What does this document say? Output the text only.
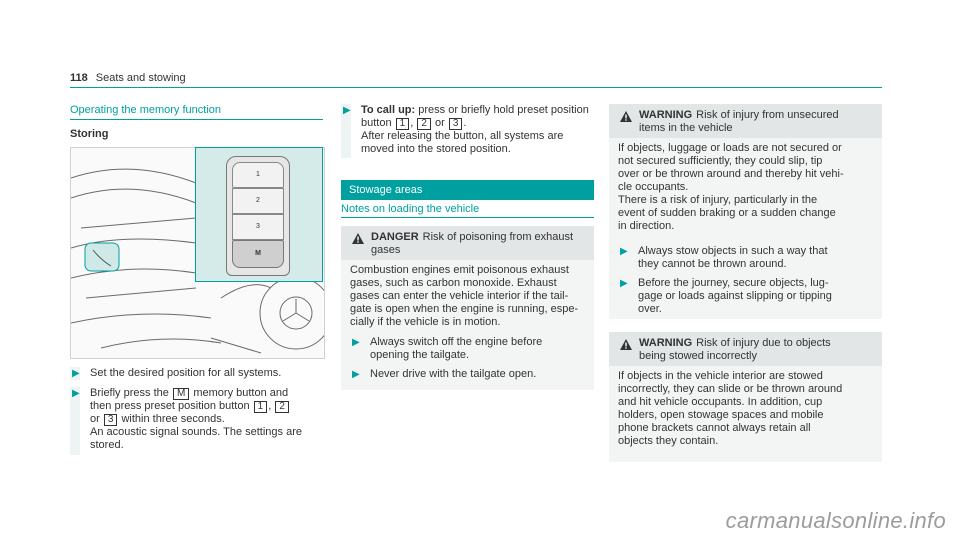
118 Seats and stowing
Operating the memory function
Storing
1
2
3
M
▶ Set the desired position for all systems.

▶ Briefly press the M memory button and

then press preset position button 1 , 2

or 3 within three seconds.

An acoustic signal sounds. The settings are

stored.

▶ To call up: press or briefly hold preset position

button 1 , 2 or 3 .

After releasing the button, all systems are

moved into the stored position.

Stowage areas
Notes on loading the vehicle
DANGER Risk of poisoning from exhaust
gases

Combustion engines emit poisonous exhaust

gases, such as carbon monoxide. Exhaust

gases can enter the vehicle interior if the tail-

gate is open when the engine is running, espe-

cially if the vehicle is in motion.

▶ Always switch off the engine before

opening the tailgate.

▶ Never drive with the tailgate open.

WARNING Risk of injury from unsecured
items in the vehicle

If objects, luggage or loads are not secured or

not secured sufficiently, they could slip, tip

over or be thrown around and thereby hit vehi-

cle occupants.

There is a risk of injury, particularly in the

event of sudden braking or a sudden change

in direction.

▶ Always stow objects in such a way that

they cannot be thrown around.

▶ Before the journey, secure objects, lug-

gage or loads against slipping or tipping

over.

WARNING Risk of injury due to objects
being stowed incorrectly

If objects in the vehicle interior are stowed

incorrectly, they can slide or be thrown around

and hit vehicle occupants. In addition, cup

holders, open stowage spaces and mobile

phone brackets cannot always retain all

objects they contain.

carmanualsonline.info
